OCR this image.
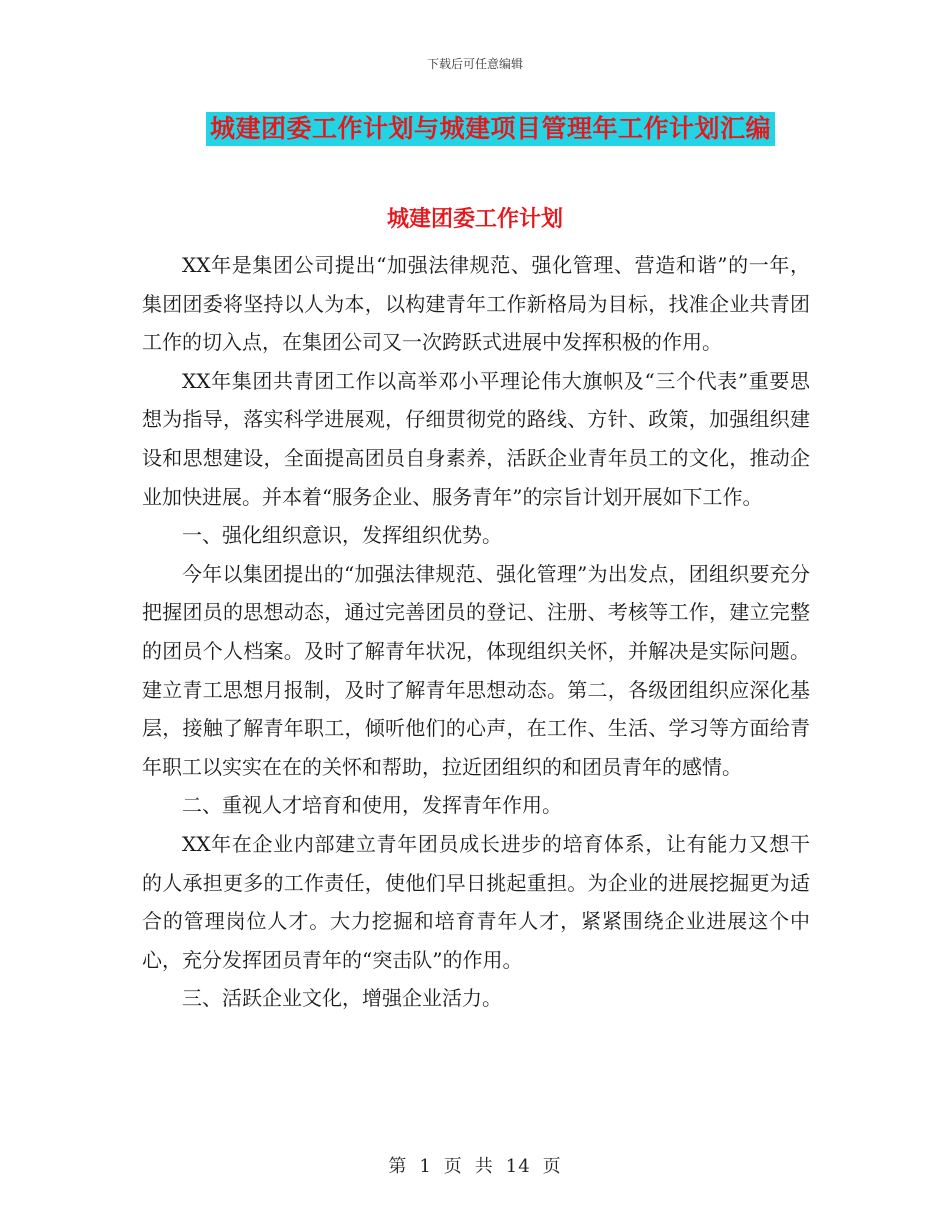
下载后可任意编辑
城建团委工作计划与城建项目管理年工作计划汇编
城建团委工作计划

XX年是集团公司提出“加强法律规范、强化管理、营造和谐”的一年，集团团委将坚持以人为本，以构建青年工作新格局为目标，找准企业共青团工作的切入点，在集团公司又一次跨跃式进展中发挥积极的作用。

XX年集团共青团工作以高举邓小平理论伟大旗帜及“三个代表”重要思想为指导，落实科学进展观，仔细贯彻党的路线、方针、政策，加强组织建设和思想建设，全面提高团员自身素养，活跃企业青年员工的文化，推动企业加快进展。并本着“服务企业、服务青年”的宗旨计划开展如下工作。

一、强化组织意识，发挥组织优势。

今年以集团提出的“加强法律规范、强化管理”为出发点，团组织要充分把握团员的思想动态，通过完善团员的登记、注册、考核等工作，建立完整的团员个人档案。及时了解青年状况，体现组织关怀，并解决是实际问题。建立青工思想月报制，及时了解青年思想动态。第二，各级团组织应深化基层，接触了解青年职工，倾听他们的心声，在工作、生活、学习等方面给青年职工以实实在在的关怀和帮助，拉近团组织的和团员青年的感情。

二、重视人才培育和使用，发挥青年作用。

XX年在企业内部建立青年团员成长进步的培育体系，让有能力又想干的人承担更多的工作责任，使他们早日挑起重担。为企业的进展挖掘更为适合的管理岗位人才。大力挖掘和培育青年人才，紧紧围绕企业进展这个中心，充分发挥团员青年的“突击队”的作用。

三、活跃企业文化，增强企业活力。

第 1 页 共 14 页
